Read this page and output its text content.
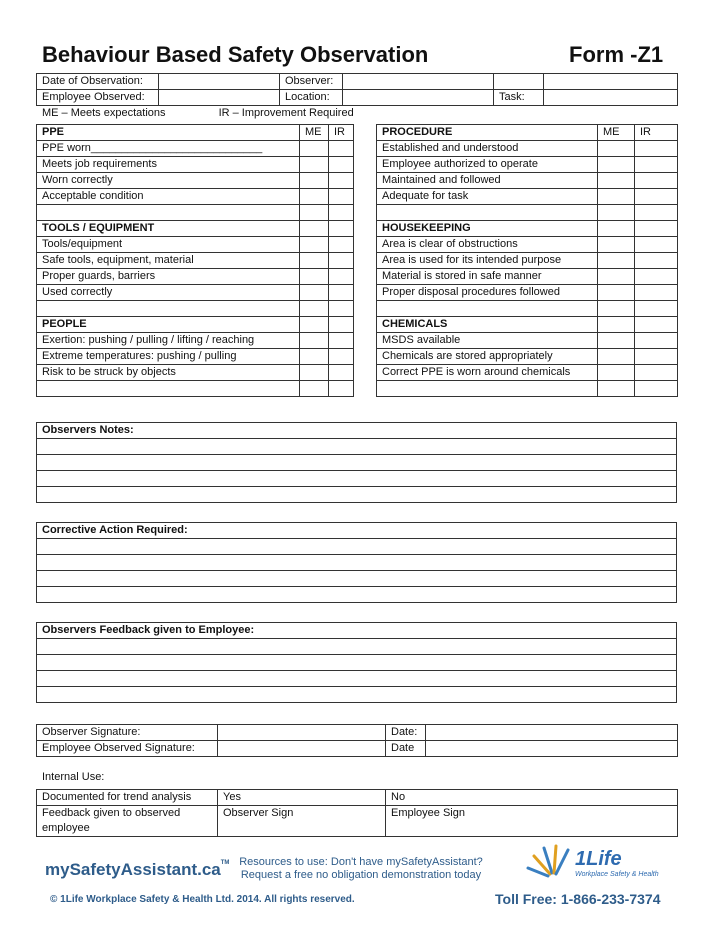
Behaviour Based Safety Observation	Form -Z1
Date of Observation:		Observer:			
Employee Observed:		Location:		Task:	
ME – Meets expectations	IR – Improvement Required
PPE	ME	IR
PPE worn____________________________		
Meets job requirements		
Worn correctly		
Acceptable condition		

TOOLS / EQUIPMENT		
Tools/equipment		
Safe tools, equipment, material		
Proper guards, barriers		
Used correctly		

PEOPLE		
Exertion: pushing / pulling / lifting / reaching		
Extreme temperatures: pushing / pulling		
Risk to be struck by objects		

PROCEDURE	ME	IR
Established and understood		
Employee authorized to operate		
Maintained and followed		
Adequate for task		

HOUSEKEEPING		
Area is clear of obstructions		
Area is used for its intended purpose		
Material is stored in safe manner		
Proper disposal procedures followed		

CHEMICALS		
MSDS available		
Chemicals are stored appropriately		
Correct PPE is worn around chemicals		

Observers Notes:

Corrective Action Required:

Observers Feedback given to Employee:

Observer Signature:		Date:	
Employee Observed Signature:		Date	
Internal Use:
Documented for trend analysis	Yes	No
Feedback given to observed employee	Observer Sign	Employee Sign
mySafetyAssistant.ca™ Resources to use: Don't have mySafetyAssistant?
Request a free no obligation demonstration today
1Life
Workplace Safety & Health
© 1Life Workplace Safety & Health Ltd. 2014. All rights reserved.	Toll Free: 1-866-233-7374
